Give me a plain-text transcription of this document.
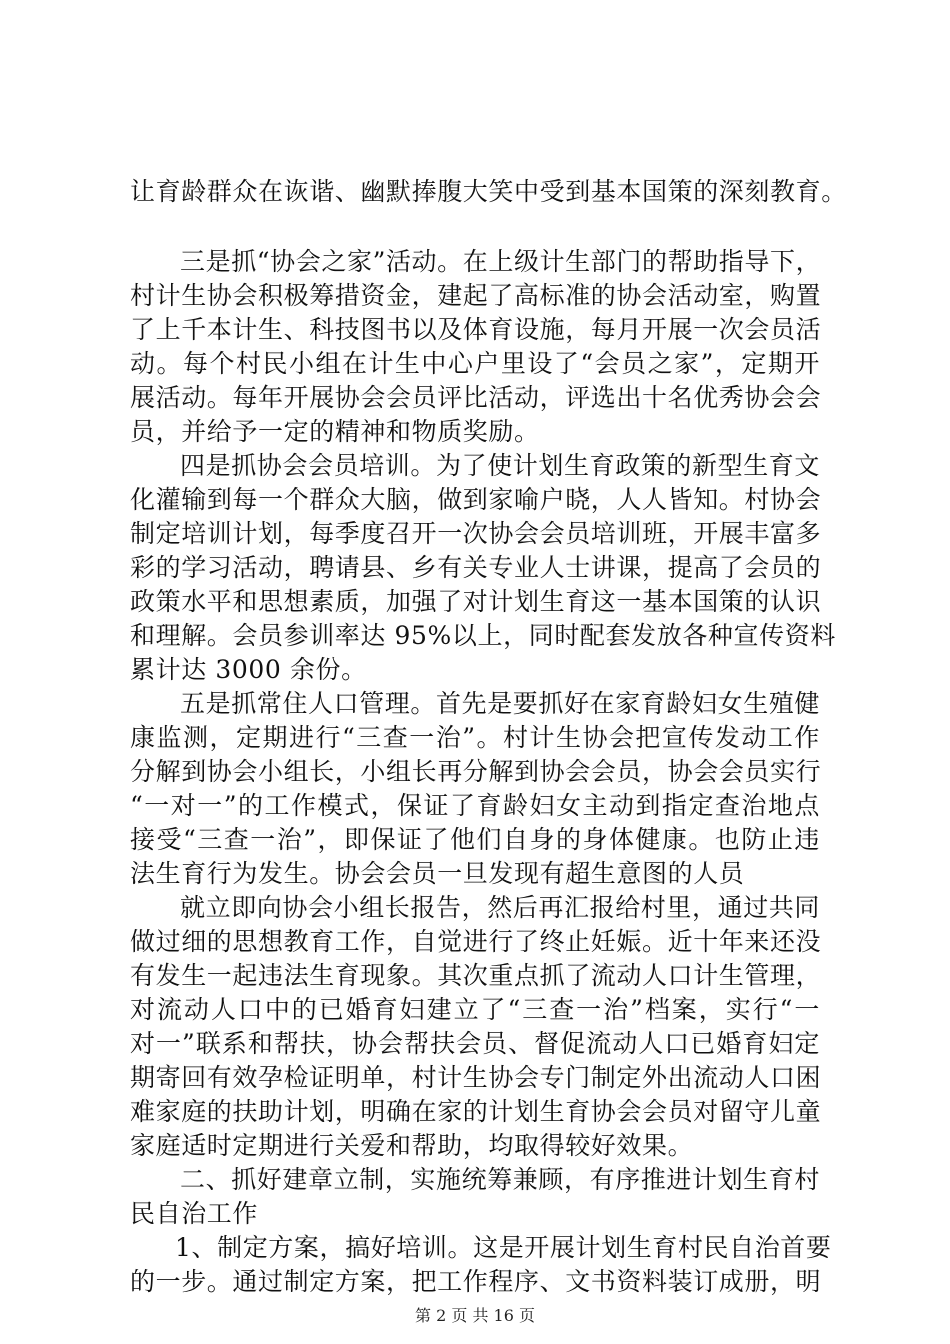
让育龄群众在诙谐、幽默捧腹大笑中受到基本国策的深刻教育。
三是抓“协会之家”活动。在上级计生部门的帮助指导下，
村计生协会积极筹措资金，建起了高标准的协会活动室，购置
了上千本计生、科技图书以及体育设施，每月开展一次会员活
动。每个村民小组在计生中心户里设了“会员之家”，定期开
展活动。每年开展协会会员评比活动，评选出十名优秀协会会
员，并给予一定的精神和物质奖励。
四是抓协会会员培训。为了使计划生育政策的新型生育文
化灌输到每一个群众大脑，做到家喻户晓，人人皆知。村协会
制定培训计划，每季度召开一次协会会员培训班，开展丰富多
彩的学习活动，聘请县、乡有关专业人士讲课，提高了会员的
政策水平和思想素质，加强了对计划生育这一基本国策的认识
和理解。会员参训率达 95%以上，同时配套发放各种宣传资料
累计达 3000 余份。
五是抓常住人口管理。首先是要抓好在家育龄妇女生殖健
康监测，定期进行“三查一治”。村计生协会把宣传发动工作
分解到协会小组长，小组长再分解到协会会员，协会会员实行
“一对一”的工作模式，保证了育龄妇女主动到指定查治地点
接受“三查一治”，即保证了他们自身的身体健康。也防止违
法生育行为发生。协会会员一旦发现有超生意图的人员
就立即向协会小组长报告，然后再汇报给村里，通过共同
做过细的思想教育工作，自觉进行了终止妊娠。近十年来还没
有发生一起违法生育现象。其次重点抓了流动人口计生管理，
对流动人口中的已婚育妇建立了“三查一治”档案，实行“一
对一”联系和帮扶，协会帮扶会员、督促流动人口已婚育妇定
期寄回有效孕检证明单，村计生协会专门制定外出流动人口困
难家庭的扶助计划，明确在家的计划生育协会会员对留守儿童
家庭适时定期进行关爱和帮助，均取得较好效果。
二、抓好建章立制，实施统筹兼顾，有序推进计划生育村
民自治工作
1、制定方案，搞好培训。这是开展计划生育村民自治首要
的一步。通过制定方案，把工作程序、文书资料装订成册，明
第 2 页 共 16 页
